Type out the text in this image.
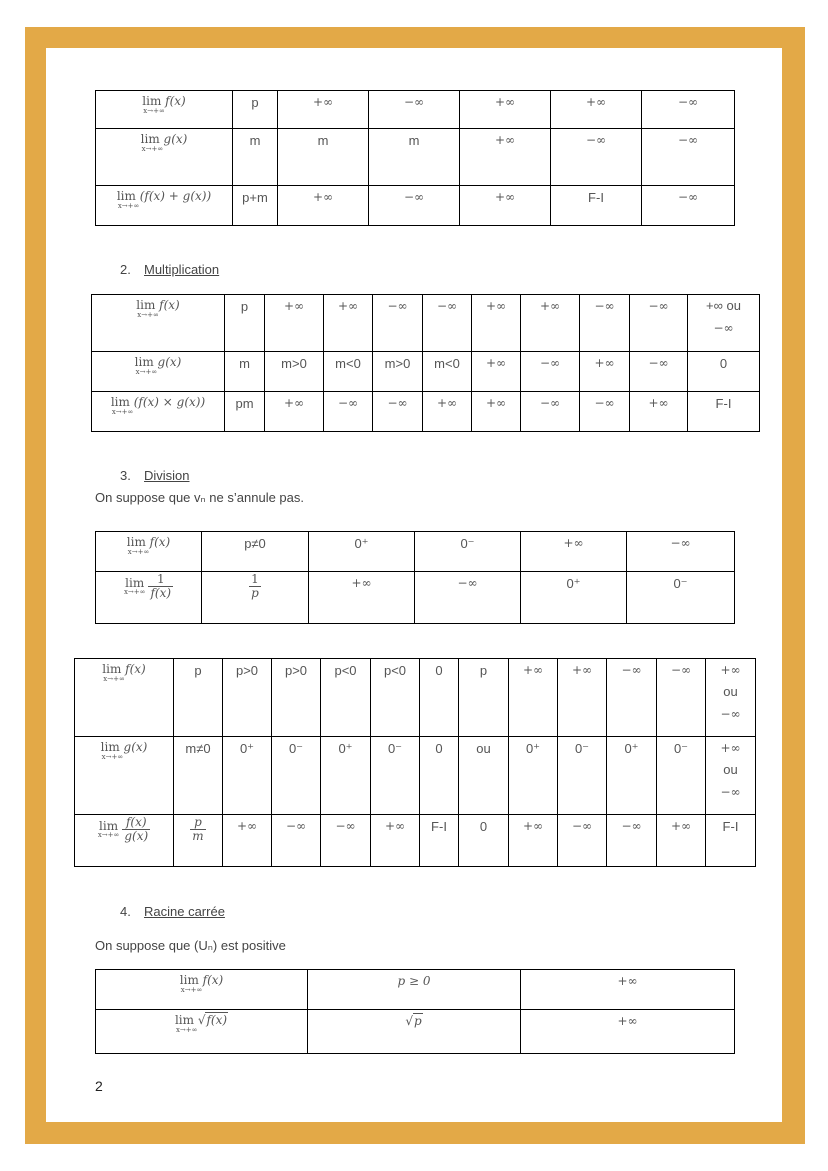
lim f(x)
x→+∞	p	+∞	−∞	+∞	+∞	−∞

lim g(x)
x→+∞	m	m	m	+∞	−∞	−∞

lim (f(x) + g(x))
x→+∞	p+m	+∞	−∞	+∞	F-I	−∞
2. Multiplication
lim f(x)
x→+∞	p	+∞	+∞	−∞	−∞	+∞	+∞	−∞	−∞	+∞ ou
−∞

lim g(x)
x→+∞	m	m>0	m<0	m>0	m<0	+∞	−∞	+∞	−∞	0

lim (f(x) × g(x))
x→+∞	pm	+∞	−∞	−∞	+∞	+∞	−∞	−∞	+∞	F-I
3. Division
On suppose que vₙ ne s’annule pas.
lim f(x)
x→+∞	p≠0	0⁺	0⁻	+∞	−∞

lim
$x\to+\infty \frac{1}{f(x)}$	$\frac{1}{p}$	+∞	−∞	0⁺	0⁻
lim f(x)
x→+∞	p	p>0	p>0	p<0	p<0	0	p	+∞	+∞	−∞	−∞	+∞
ou
−∞

lim g(x)
x→+∞	m≠0	0⁺	0⁻	0⁺	0⁻	0	ou	0⁺	0⁻	0⁺	0⁻	+∞
ou
−∞

lim
$x\to+\infty \frac{f(x)}{g(x)}$	$\frac{p}{m}$	+∞	−∞	−∞	+∞	F-I	0	+∞	−∞	−∞	+∞	F-I
4. Racine carrée
On suppose que (Uₙ) est positive
lim f(x)
x→+∞	p ≥ 0	+∞

lim √f(x)
x→+∞	√p	+∞
2
